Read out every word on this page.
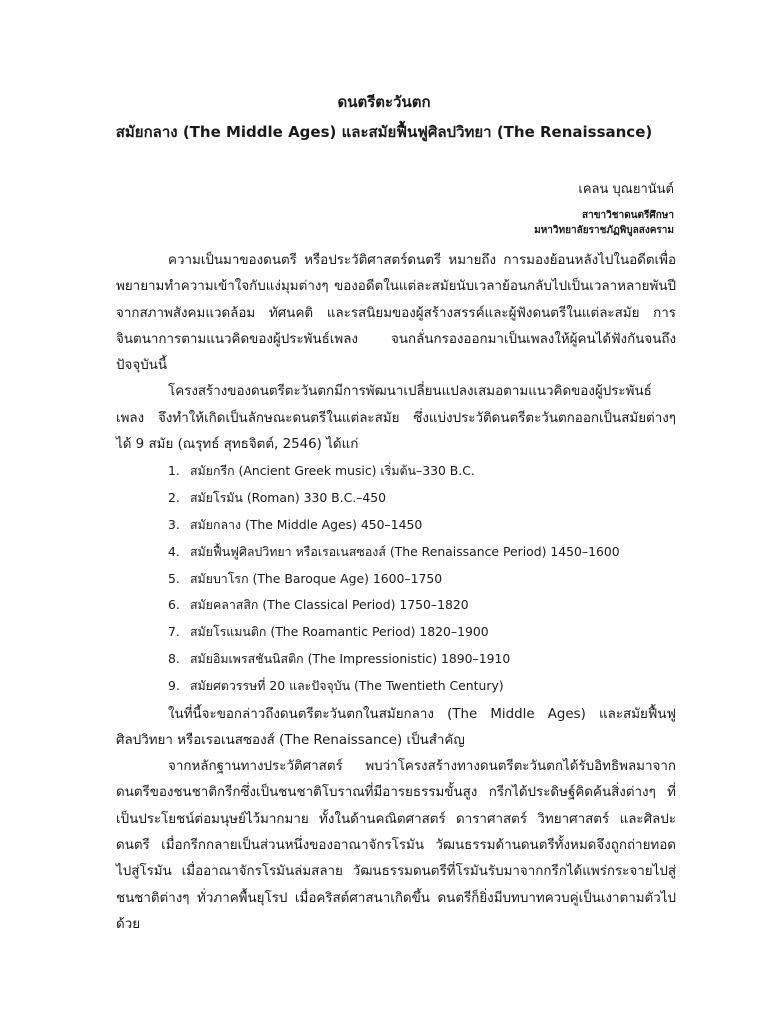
ดนตรีตะวันตก
สมัยกลาง (The Middle Ages) และสมัยฟื้นฟูศิลปวิทยา (The Renaissance)
เคลน บุณยานันต์
สาขาวิชาดนตรีศึกษา
มหาวิทยาลัยราชภัฏพิบูลสงคราม

ความเป็นมาของดนตรี หรือประวัติศาสตร์ดนตรี หมายถึง การมองย้อนหลังไปในอดีตเพื่อพยายามทำความเข้าใจกับแง่มุมต่างๆ ของอดีตในแต่ละสมัยนับเวลาย้อนกลับไปเป็นเวลาหลายพันปี จากสภาพสังคมแวดล้อม ทัศนคติ และรสนิยมของผู้สร้างสรรค์และผู้ฟังดนตรีในแต่ละสมัย การจินตนาการตามแนวคิดของผู้ประพันธ์เพลง จนกลั่นกรองออกมาเป็นเพลงให้ผู้คนได้ฟังกันจนถึงปัจจุบันนี้

โครงสร้างของดนตรีตะวันตกมีการพัฒนาเปลี่ยนแปลงเสมอตามแนวคิดของผู้ประพันธ์เพลง จึงทำให้เกิดเป็นลักษณะดนตรีในแต่ละสมัย ซึ่งแบ่งประวัติดนตรีตะวันตกออกเป็นสมัยต่างๆ ได้ 9 สมัย (ณรุทธ์ สุทธจิตต์, 2546) ได้แก่

1. สมัยกรีก (Ancient Greek music) เริ่มต้น–330 B.C.
2. สมัยโรมัน (Roman) 330 B.C.–450
3. สมัยกลาง (The Middle Ages) 450–1450
4. สมัยฟื้นฟูศิลปวิทยา หรือเรอเนสซองส์ (The Renaissance Period) 1450–1600
5. สมัยบาโรก (The Baroque Age) 1600–1750
6. สมัยคลาสสิก (The Classical Period) 1750–1820
7. สมัยโรแมนติก (The Roamantic Period) 1820–1900
8. สมัยอิมเพรสชันนิสติก (The Impressionistic) 1890–1910
9. สมัยศตวรรษที่ 20 และปัจจุบัน (The Twentieth Century)

ในที่นี้จะขอกล่าวถึงดนตรีตะวันตกในสมัยกลาง (The Middle Ages) และสมัยฟื้นฟูศิลปวิทยา หรือเรอเนสซองส์ (The Renaissance) เป็นสำคัญ

จากหลักฐานทางประวัติศาสตร์ พบว่าโครงสร้างทางดนตรีตะวันตกได้รับอิทธิพลมาจากดนตรีของชนชาติกรีกซึ่งเป็นชนชาติโบราณที่มีอารยธรรมขั้นสูง กรีกได้ประดิษฐ์คิดค้นสิ่งต่างๆ ที่เป็นประโยชน์ต่อมนุษย์ไว้มากมาย ทั้งในด้านคณิตศาสตร์ ดาราศาสตร์ วิทยาศาสตร์ และศิลปะดนตรี เมื่อกรีกกลายเป็นส่วนหนึ่งของอาณาจักรโรมัน วัฒนธรรมด้านดนตรีทั้งหมดจึงถูกถ่ายทอดไปสู่โรมัน เมื่ออาณาจักรโรมันล่มสลาย วัฒนธรรมดนตรีที่โรมันรับมาจากกรีกได้แพร่กระจายไปสู่ชนชาติต่างๆ ทั่วภาคพื้นยุโรป เมื่อคริสต์ศาสนาเกิดขึ้น ดนตรีก็ยิ่งมีบทบาทควบคู่เป็นเงาตามตัวไปด้วย
